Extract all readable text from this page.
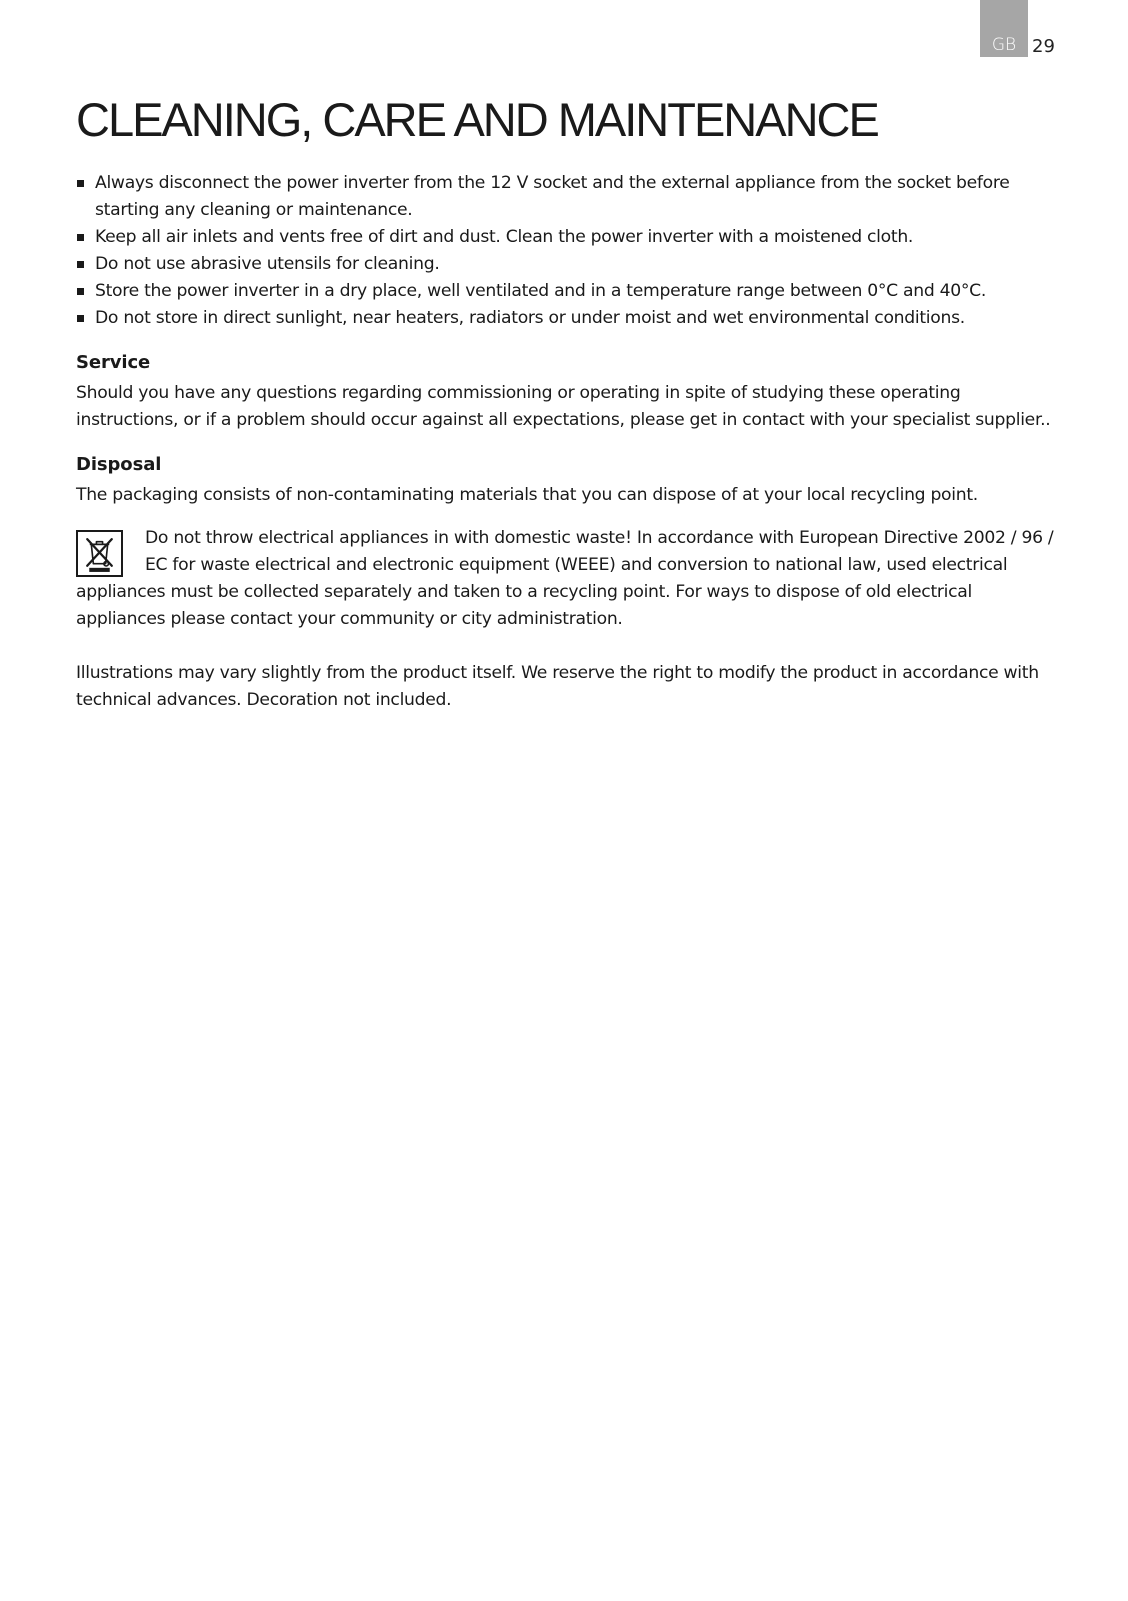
GB 29
CLEANING, CARE AND MAINTENANCE
Always disconnect the power inverter from the 12 V socket and the external appliance from the socket before starting any cleaning or maintenance.
Keep all air inlets and vents free of dirt and dust. Clean the power inverter with a moistened cloth.
Do not use abrasive utensils for cleaning.
Store the power inverter in a dry place, well ventilated and in a temperature range between 0°C and 40°C.
Do not store in direct sunlight, near heaters, radiators or under moist and wet environmental conditions.
Service

Should you have any questions regarding commissioning or operating in spite of studying these operating instructions, or if a problem should occur against all expectations, please get in contact with your specialist supplier..

Disposal

The packaging consists of non-contaminating materials that you can dispose of at your local recycling point.

Do not throw electrical appliances in with domestic waste! In accordance with European Directive 2002 / 96 / EC for waste electrical and electronic equipment (WEEE) and conversion to national law, used electrical appliances must be collected separately and taken to a recycling point. For ways to dispose of old electrical appliances please contact your community or city administration.

Illustrations may vary slightly from the product itself. We reserve the right to modify the product in accordance with technical advances. Decoration not included.
